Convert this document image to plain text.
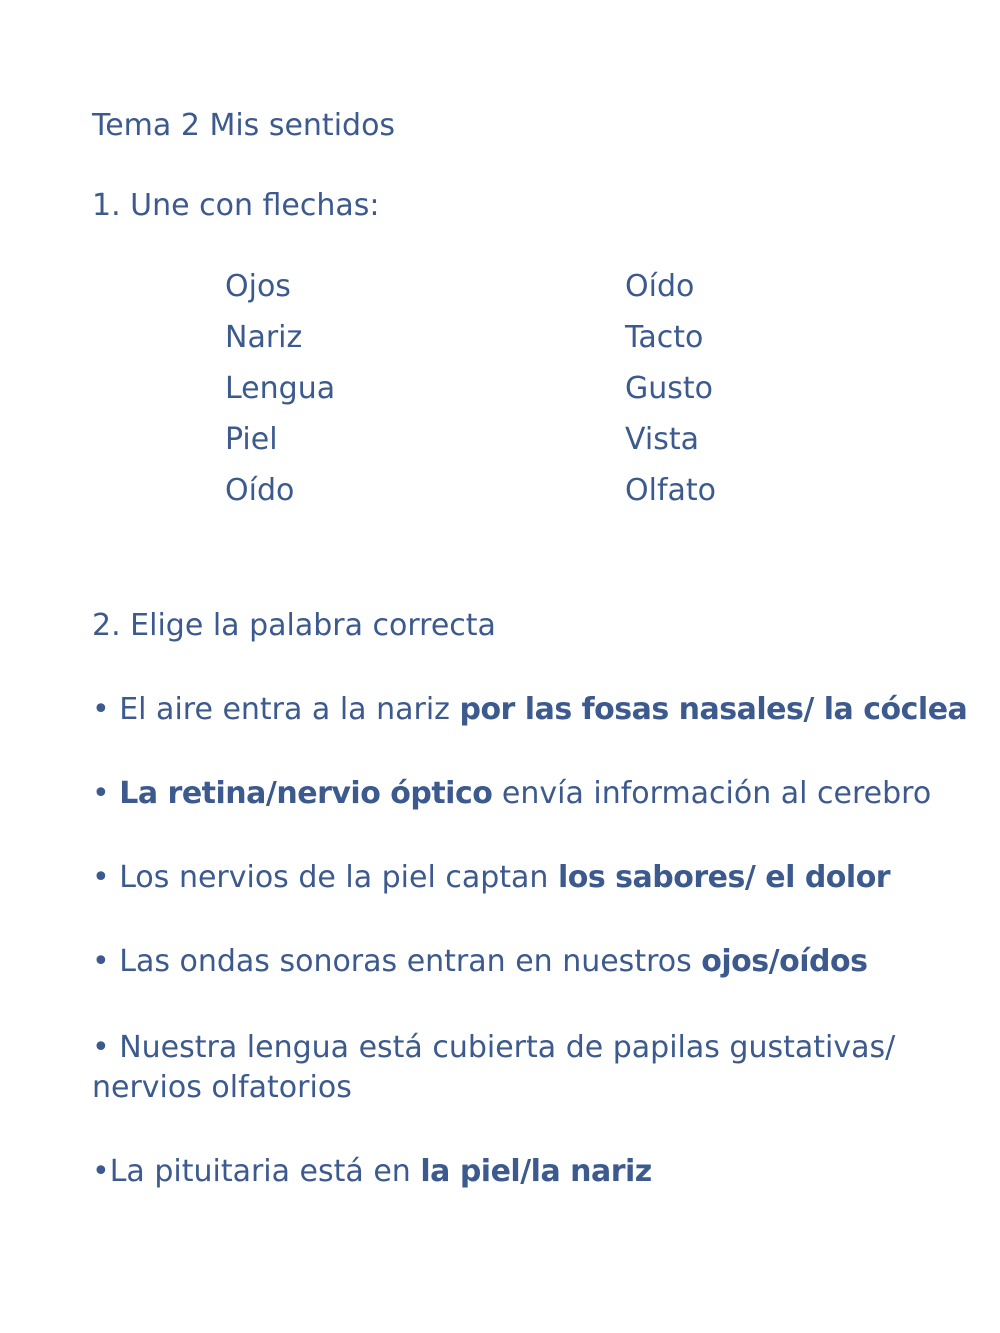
Tema 2 Mis sentidos
1. Une con flechas:
Ojos
Nariz
Lengua
Piel
Oído
Oído
Tacto
Gusto
Vista
Olfato
2. Elige la palabra correcta
• El aire entra a la nariz por las fosas nasales/ la cóclea
• La retina/nervio óptico envía información al cerebro
• Los nervios de la piel captan los sabores/ el dolor
• Las ondas sonoras entran en nuestros ojos/oídos
• Nuestra lengua está cubierta de papilas gustativas/ nervios olfatorios
•La pituitaria está en la piel/la nariz
